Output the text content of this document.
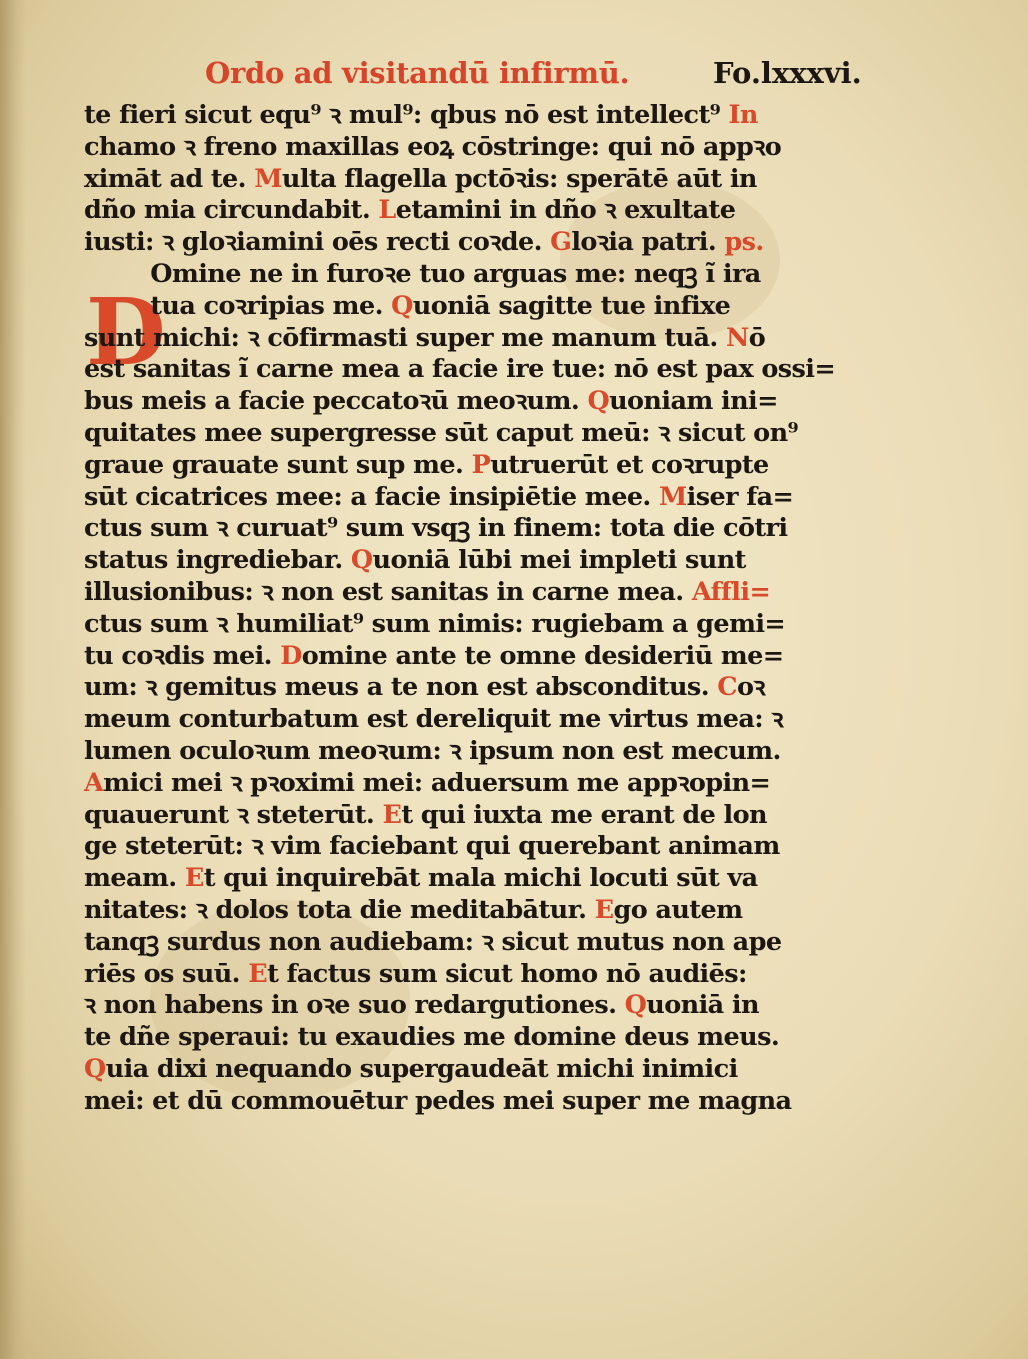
Ordo ad visitandū infirmū.	Fo.lxxxvi.
D
te fieri sicut equ⁹ ꝛ mul⁹: qbus nō est intellect⁹ In
chamo ꝛ freno maxillas eoꝝ cōstringe: qui nō appꝛo
ximāt ad te. Multa flagella pctōꝛis: sperātē aūt in
dño mia circundabit. Letamini in dño ꝛ exultate
iusti: ꝛ gloꝛiamini oēs recti coꝛde. Gloꝛia patri. ps.
Omine ne in furoꝛe tuo arguas me: neqꝫ ĩ ira
tua coꝛripias me. Quoniā sagitte tue infixe
sunt michi: ꝛ cōfirmasti super me manum tuā. Nō
est sanitas ĩ carne mea a facie ire tue: nō est pax ossi=
bus meis a facie peccatoꝛū meoꝛum. Quoniam ini=
quitates mee supergresse sūt caput meū: ꝛ sicut on⁹
graue grauate sunt sup me. Putruerūt et coꝛrupte
sūt cicatrices mee: a facie insipiētie mee. Miser fa=
ctus sum ꝛ curuat⁹ sum vsqꝫ in finem: tota die cōtri
status ingrediebar. Quoniā lūbi mei impleti sunt
illusionibus: ꝛ non est sanitas in carne mea. Affli=
ctus sum ꝛ humiliat⁹ sum nimis: rugiebam a gemi=
tu coꝛdis mei. Domine ante te omne desideriū me=
um: ꝛ gemitus meus a te non est absconditus. Coꝛ
meum conturbatum est dereliquit me virtus mea: ꝛ
lumen oculoꝛum meoꝛum: ꝛ ipsum non est mecum.
Amici mei ꝛ pꝛoximi mei: aduersum me appꝛopin=
quauerunt ꝛ steterūt. Et qui iuxta me erant de lon
ge steterūt: ꝛ vim faciebant qui querebant animam
meam. Et qui inquirebāt mala michi locuti sūt va
nitates: ꝛ dolos tota die meditabātur. Ego autem
tanqꝫ surdus non audiebam: ꝛ sicut mutus non ape
riēs os suū. Et factus sum sicut homo nō audiēs:
ꝛ non habens in oꝛe suo redargutiones. Quoniā in
te dñe speraui: tu exaudies me domine deus meus.
Quia dixi nequando supergaudeāt michi inimici
mei: et dū commouētur pedes mei super me magna
